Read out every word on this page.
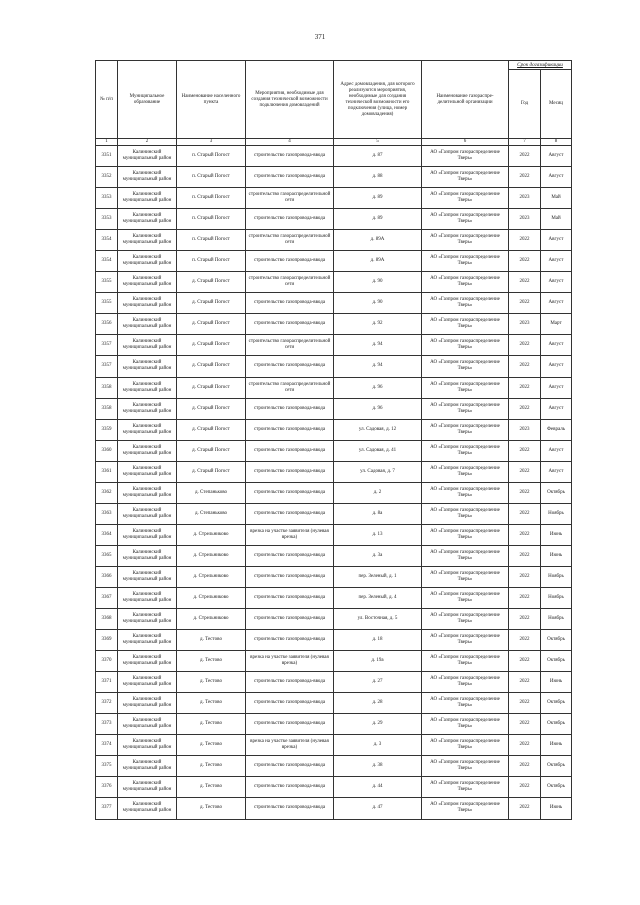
371
№ п/п	Муниципальное образование	Наименование населенного пункта	Мероприятия, необходимые для создания технической возможности подключения домовладений	Адрес домовладения, для которого реализуются мероприятия, необходимые для создания технической возможности его подключения (улица, номер домовладения)	Наименование газораспре-делительной организации	Срок догазификации	
						Год	Месяц
1	2	3	4	5	6	7	8
3351	Калининский муниципальный район	п. Старый Погост	строительство газопровода-ввода	д. 87	АО «Газпром газораспределение Тверь»	2022	Август
3352	Калининский муниципальный район	п. Старый Погост	строительство газопровода-ввода	д. 88	АО «Газпром газораспределение Тверь»	2022	Август
3353	Калининский муниципальный район	п. Старый Погост	строительство газораспределительной сети	д. 89	АО «Газпром газораспределение Тверь»	2023	Май
3353	Калининский муниципальный район	п. Старый Погост	строительство газопровода-ввода	д. 89	АО «Газпром газораспределение Тверь»	2023	Май
3354	Калининский муниципальный район	п. Старый Погост	строительство газораспределительной сети	д. 89А	АО «Газпром газораспределение Тверь»	2022	Август
3354	Калининский муниципальный район	п. Старый Погост	строительство газопровода-ввода	д. 89А	АО «Газпром газораспределение Тверь»	2022	Август
3355	Калининский муниципальный район	д. Старый Погост	строительство газораспределительной сети	д. 90	АО «Газпром газораспределение Тверь»	2022	Август
3355	Калининский муниципальный район	д. Старый Погост	строительство газопровода-ввода	д. 90	АО «Газпром газораспределение Тверь»	2022	Август
3356	Калининский муниципальный район	д. Старый Погост	строительство газопровода-ввода	д. 92	АО «Газпром газораспределение Тверь»	2023	Март
3357	Калининский муниципальный район	д. Старый Погост	строительство газораспределительной сети	д. 94	АО «Газпром газораспределение Тверь»	2022	Август
3357	Калининский муниципальный район	д. Старый Погост	строительство газопровода-ввода	д. 94	АО «Газпром газораспределение Тверь»	2022	Август
3358	Калининский муниципальный район	д. Старый Погост	строительство газораспределительной сети	д. 96	АО «Газпром газораспределение Тверь»	2022	Август
3358	Калининский муниципальный район	д. Старый Погост	строительство газопровода-ввода	д. 96	АО «Газпром газораспределение Тверь»	2022	Август
3359	Калининский муниципальный район	д. Старый Погост	строительство газопровода-ввода	ул. Садовая, д. 12	АО «Газпром газораспределение Тверь»	2023	Февраль
3360	Калининский муниципальный район	д. Старый Погост	строительство газопровода-ввода	ул. Садовая, д. 41	АО «Газпром газораспределение Тверь»	2022	Август
3361	Калининский муниципальный район	д. Старый Погост	строительство газопровода-ввода	ул. Садовая, д. 7	АО «Газпром газораспределение Тверь»	2022	Август
3362	Калининский муниципальный район	д. Степаньково	строительство газопровода-ввода	д. 2	АО «Газпром газораспределение Тверь»	2022	Октябрь
3363	Калининский муниципальный район	д. Степаньково	строительство газопровода-ввода	д. 8а	АО «Газпром газораспределение Тверь»	2022	Ноябрь
3364	Калининский муниципальный район	д. Стрельниково	врезка на участке заявителя (нулевая врезка)	д. 13	АО «Газпром газораспределение Тверь»	2022	Июнь
3365	Калининский муниципальный район	д. Стрельниково	строительство газопровода-ввода	д. 3а	АО «Газпром газораспределение Тверь»	2022	Июнь
3366	Калининский муниципальный район	д. Стрельниково	строительство газопровода-ввода	пер. Зеленый, д. 1	АО «Газпром газораспределение Тверь»	2022	Ноябрь
3367	Калининский муниципальный район	д. Стрельниково	строительство газопровода-ввода	пер. Зеленый, д. 4	АО «Газпром газораспределение Тверь»	2022	Ноябрь
3368	Калининский муниципальный район	д. Стрельниково	строительство газопровода-ввода	ул. Восточная, д. 5	АО «Газпром газораспределение Тверь»	2022	Ноябрь
3369	Калининский муниципальный район	д. Тестово	строительство газопровода-ввода	д. 18	АО «Газпром газораспределение Тверь»	2022	Октябрь
3370	Калининский муниципальный район	д. Тестово	врезка на участке заявителя (нулевая врезка)	д. 19а	АО «Газпром газораспределение Тверь»	2022	Октябрь
3371	Калининский муниципальный район	д. Тестово	строительство газопровода-ввода	д. 27	АО «Газпром газораспределение Тверь»	2022	Июнь
3372	Калининский муниципальный район	д. Тестово	строительство газопровода-ввода	д. 28	АО «Газпром газораспределение Тверь»	2022	Октябрь
3373	Калининский муниципальный район	д. Тестово	строительство газопровода-ввода	д. 29	АО «Газпром газораспределение Тверь»	2022	Октябрь
3374	Калининский муниципальный район	д. Тестово	врезка на участке заявителя (нулевая врезка)	д. 3	АО «Газпром газораспределение Тверь»	2022	Июнь
3375	Калининский муниципальный район	д. Тестово	строительство газопровода-ввода	д. 38	АО «Газпром газораспределение Тверь»	2022	Октябрь
3376	Калининский муниципальный район	д. Тестово	строительство газопровода-ввода	д. 44	АО «Газпром газораспределение Тверь»	2022	Октябрь
3377	Калининский муниципальный район	д. Тестово	строительство газопровода-ввода	д. 47	АО «Газпром газораспределение Тверь»	2022	Июнь
